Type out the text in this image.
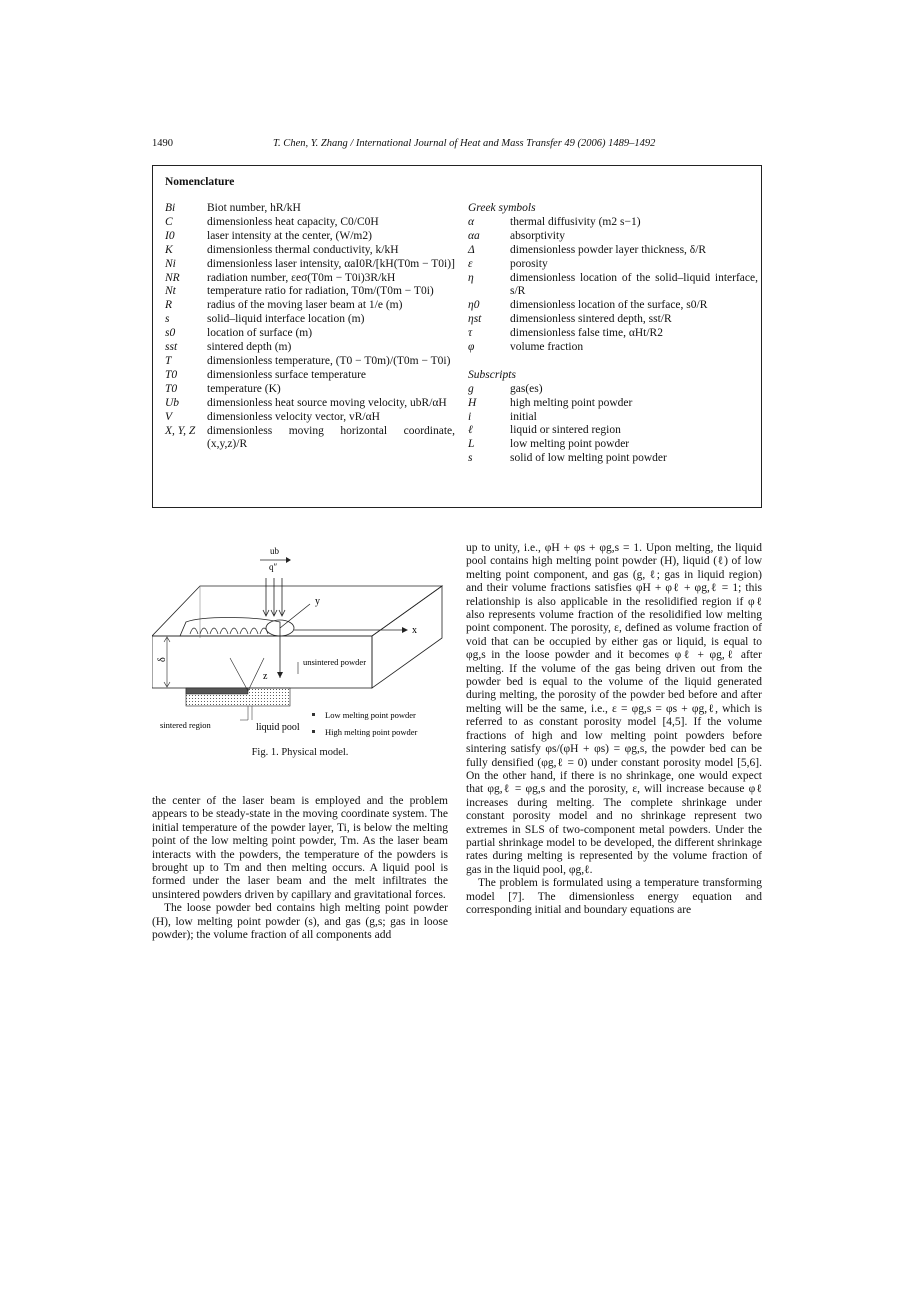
1490	T. Chen, Y. Zhang / International Journal of Heat and Mass Transfer 49 (2006) 1489–1492
Nomenclature
Bi	Biot number, hR/kH
C	dimensionless heat capacity, C0/C0H
I0	laser intensity at the center, (W/m2)
K	dimensionless thermal conductivity, k/kH
Ni	dimensionless laser intensity, αaI0R/[kH(T0m − T0i)]
NR	radiation number, εeσ(T0m − T0i)3R/kH
Nt	temperature ratio for radiation, T0m/(T0m − T0i)
R	radius of the moving laser beam at 1/e (m)
s	solid–liquid interface location (m)
s0	location of surface (m)
sst	sintered depth (m)
T	dimensionless temperature, (T0 − T0m)/(T0m − T0i)
T0	dimensionless surface temperature
T0	temperature (K)
Ub	dimensionless heat source moving velocity, ubR/αH
V	dimensionless velocity vector, vR/αH
X, Y, Z	dimensionless moving horizontal coordinate, (x,y,z)/R
Greek symbols
α	thermal diffusivity (m2 s−1)
αa	absorptivity
Δ	dimensionless powder layer thickness, δ/R
ε	porosity
η	dimensionless location of the solid–liquid interface, s/R
η0	dimensionless location of the surface, s0/R
ηst	dimensionless sintered depth, sst/R
τ	dimensionless false time, αHt/R2
φ	volume fraction
Subscripts
g	gas(es)
H	high melting point powder
i	initial
ℓ	liquid or sintered region
L	low melting point powder
s	solid of low melting point powder
ub
q″
y
x
z
δ	unsintered powder
sintered region	liquid pool
Low melting point powder
High melting point powder
Fig. 1. Physical model.

the center of the laser beam is employed and the problem appears to be steady-state in the moving coordinate system. The initial temperature of the powder layer, Ti, is below the melting point of the low melting point powder, Tm. As the laser beam interacts with the powders, the temperature of the powders is brought up to Tm and then melting occurs. A liquid pool is formed under the laser beam and the melt infiltrates the unsintered powders driven by capillary and gravitational forces.

The loose powder bed contains high melting point powder (H), low melting point powder (s), and gas (g,s; gas in loose powder); the volume fraction of all components add

up to unity, i.e., φH + φs + φg,s = 1. Upon melting, the liquid pool contains high melting point powder (H), liquid (ℓ) of low melting point component, and gas (g, ℓ; gas in liquid region) and their volume fractions satisfies φH + φℓ + φg,ℓ = 1; this relationship is also applicable in the resolidified region if φℓ also represents volume fraction of the resolidified low melting point component. The porosity, ε, defined as volume fraction of void that can be occupied by either gas or liquid, is equal to φg,s in the loose powder and it becomes φℓ + φg,ℓ after melting. If the volume of the gas being driven out from the powder bed is equal to the volume of the liquid generated during melting, the porosity of the powder bed before and after melting will be the same, i.e., ε = φg,s = φs + φg,ℓ, which is referred to as constant porosity model [4,5]. If the volume fractions of high and low melting point powders before sintering satisfy φs/(φH + φs) = φg,s, the powder bed can be fully densified (φg,ℓ = 0) under constant porosity model [5,6]. On the other hand, if there is no shrinkage, one would expect that φg,ℓ = φg,s and the porosity, ε, will increase because φℓ increases during melting. The complete shrinkage under constant porosity model and no shrinkage represent two extremes in SLS of two-component metal powders. Under the partial shrinkage model to be developed, the different shrinkage rates during melting is represented by the volume fraction of gas in the liquid pool, φg,ℓ.

The problem is formulated using a temperature transforming model [7]. The dimensionless energy equation and corresponding initial and boundary equations are
